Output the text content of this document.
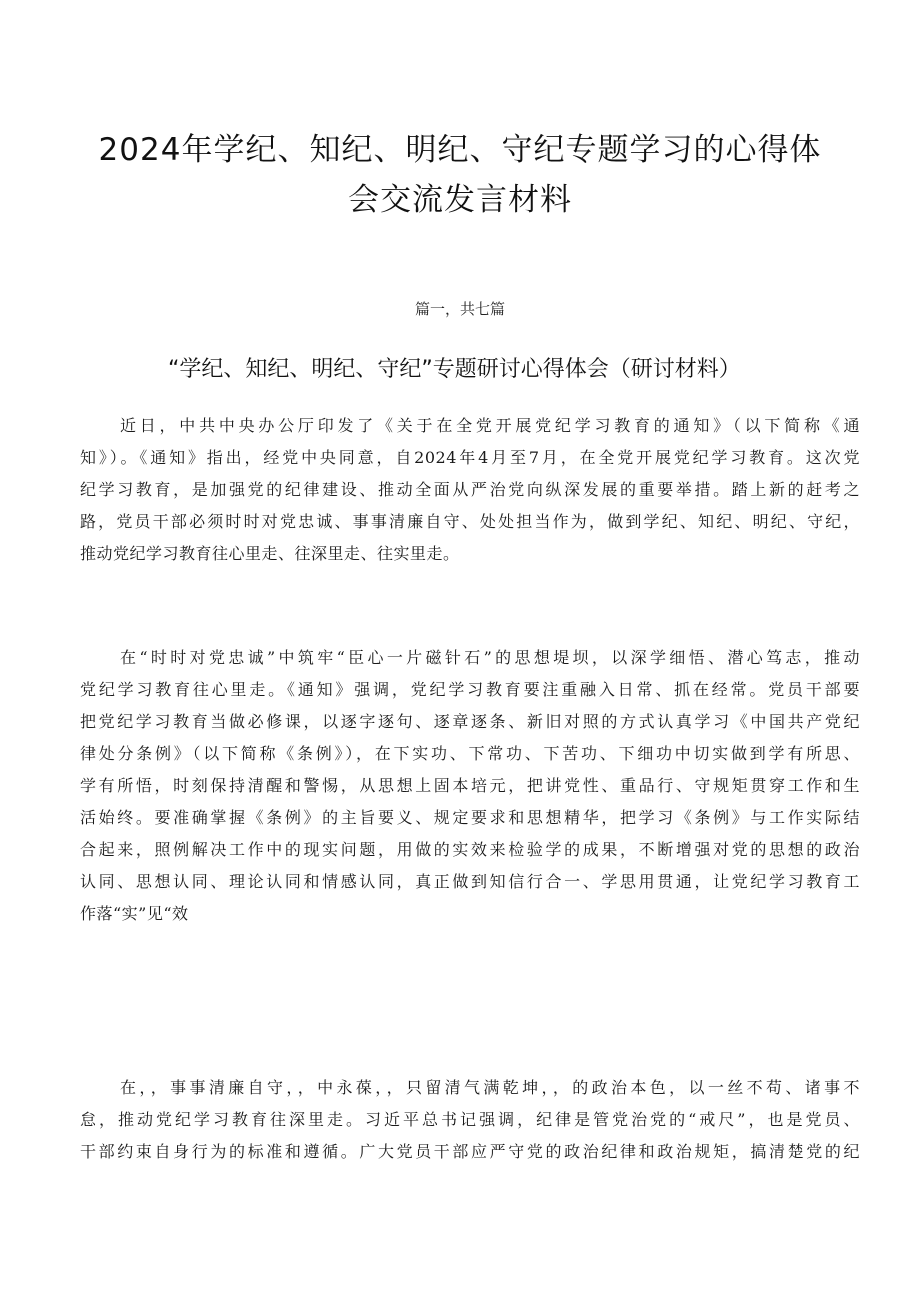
2024年学纪、知纪、明纪、守纪专题学习的心得体
会交流发言材料
篇一，共七篇
“学纪、知纪、明纪、守纪”专题研讨心得体会（研讨材料）
近日，中共中央办公厅印发了《关于在全党开展党纪学习教育的通知》（以下简称《通
知》）。《通知》指出，经党中央同意，自2024年4月至7月，在全党开展党纪学习教育。这次党
纪学习教育，是加强党的纪律建设、推动全面从严治党向纵深发展的重要举措。踏上新的赶考之
路，党员干部必须时时对党忠诚、事事清廉自守、处处担当作为，做到学纪、知纪、明纪、守纪，
推动党纪学习教育往心里走、往深里走、往实里走。
在“时时对党忠诚”中筑牢“臣心一片磁针石”的思想堤坝，以深学细悟、潜心笃志，推动
党纪学习教育往心里走。《通知》强调，党纪学习教育要注重融入日常、抓在经常。党员干部要
把党纪学习教育当做必修课，以逐字逐句、逐章逐条、新旧对照的方式认真学习《中国共产党纪
律处分条例》（以下简称《条例》），在下实功、下常功、下苦功、下细功中切实做到学有所思、
学有所悟，时刻保持清醒和警惕，从思想上固本培元，把讲党性、重品行、守规矩贯穿工作和生
活始终。要准确掌握《条例》的主旨要义、规定要求和思想精华，把学习《条例》与工作实际结
合起来，照例解决工作中的现实问题，用做的实效来检验学的成果，不断增强对党的思想的政治
认同、思想认同、理论认同和情感认同，真正做到知信行合一、学思用贯通，让党纪学习教育工
作落“实”见“效
在，，事事清廉自守，，中永葆，，只留清气满乾坤，，的政治本色，以一丝不苟、诸事不
怠，推动党纪学习教育往深里走。习近平总书记强调，纪律是管党治党的“戒尺”，也是党员、
干部约束自身行为的标准和遵循。广大党员干部应严守党的政治纪律和政治规矩，搞清楚党的纪
